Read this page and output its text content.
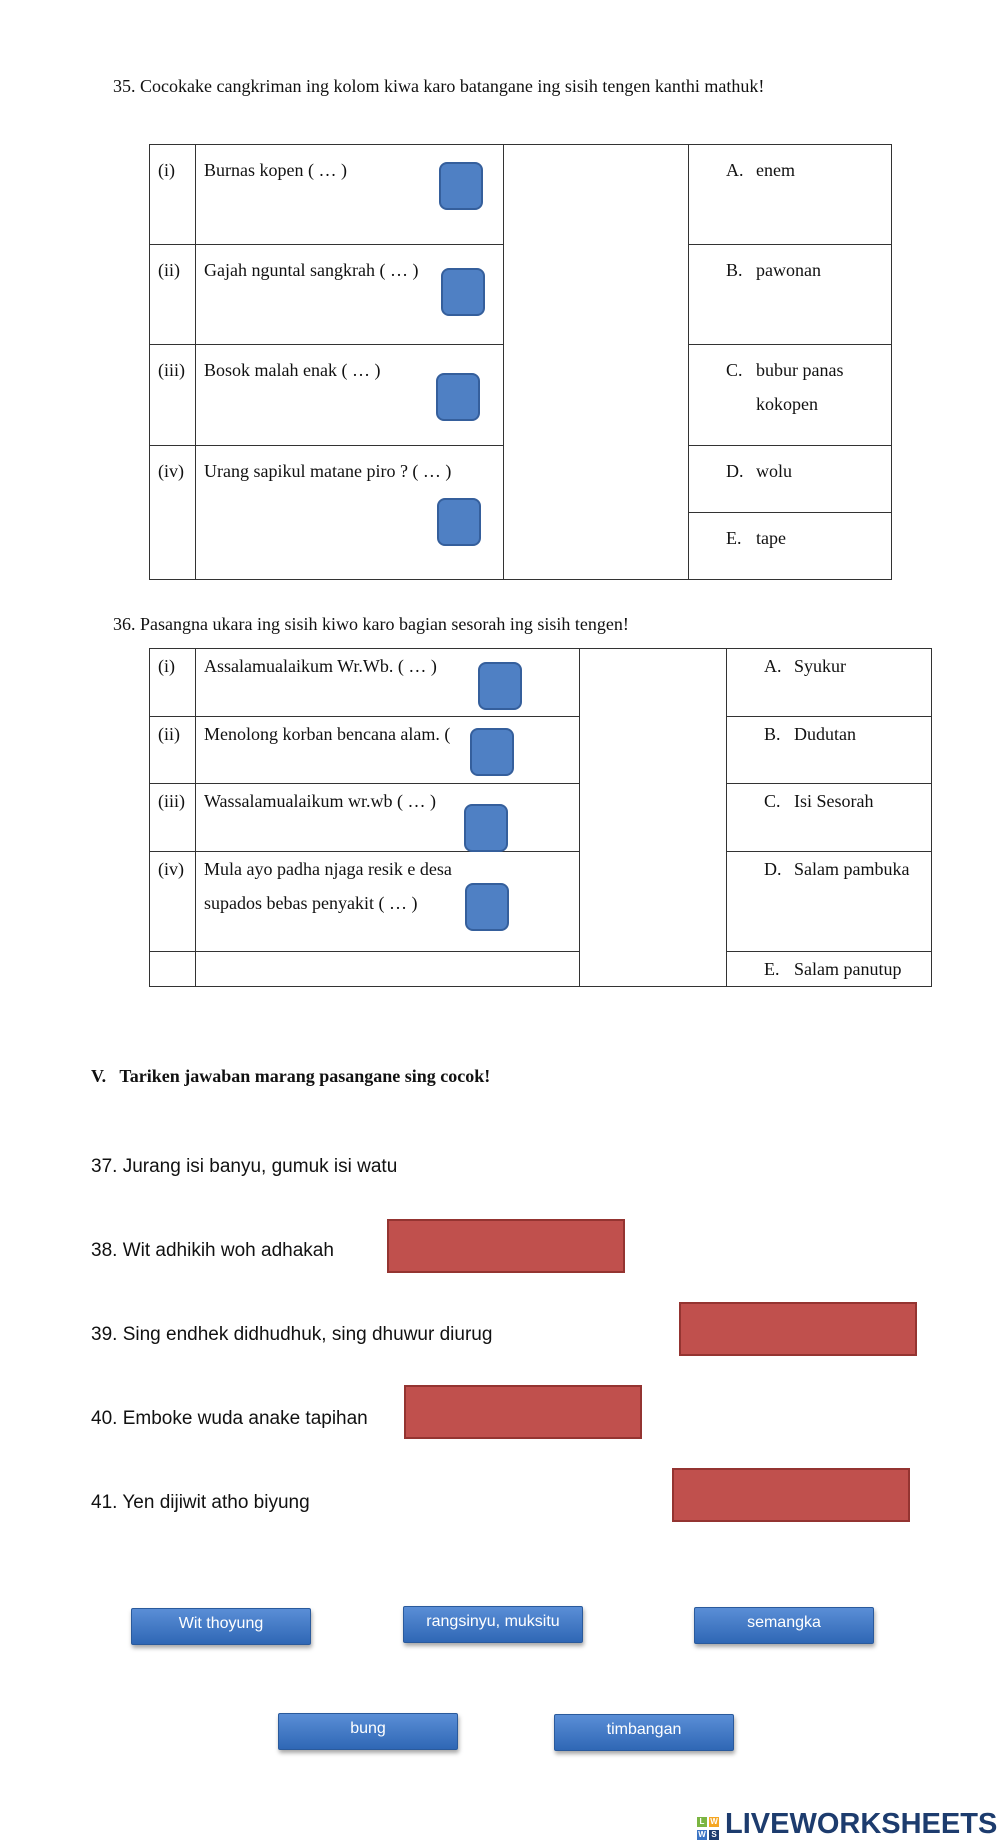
35. Cocokake cangkriman ing kolom kiwa karo batangane ing sisih tengen kanthi mathuk!
(i)	Burnas kopen ( … )		A. enem
(ii)	Gajah nguntal sangkrah ( … )		B. pawonan
(iii)	Bosok malah enak ( … )		C. bubur panas
kokopen
(iv)	Urang sapikul matane piro ? ( … )		D. wolu
			E. tape
36. Pasangna ukara ing sisih kiwo karo bagian sesorah ing sisih tengen!
(i)	Assalamualaikum Wr.Wb. ( … )		A. Syukur
(ii)	Menolong korban bencana alam. (		B. Dudutan
(iii)	Wassalamualaikum wr.wb ( … )		C. Isi Sesorah
(iv)	Mula ayo padha njaga resik e desa
supados bebas penyakit ( … )		D. Salam pambuka
			E. Salam panutup
V.   Tariken jawaban marang pasangane sing cocok!
37. Jurang isi banyu, gumuk isi watu
38. Wit adhikih woh adhakah
39. Sing endhek didhudhuk, sing dhuwur diurug
40. Emboke wuda anake tapihan
41. Yen dijiwit atho biyung
Wit thoyung	rangsinyu, muksitu	semangka
bung	timbangan
L W
W S LIVEWORKSHEETS
